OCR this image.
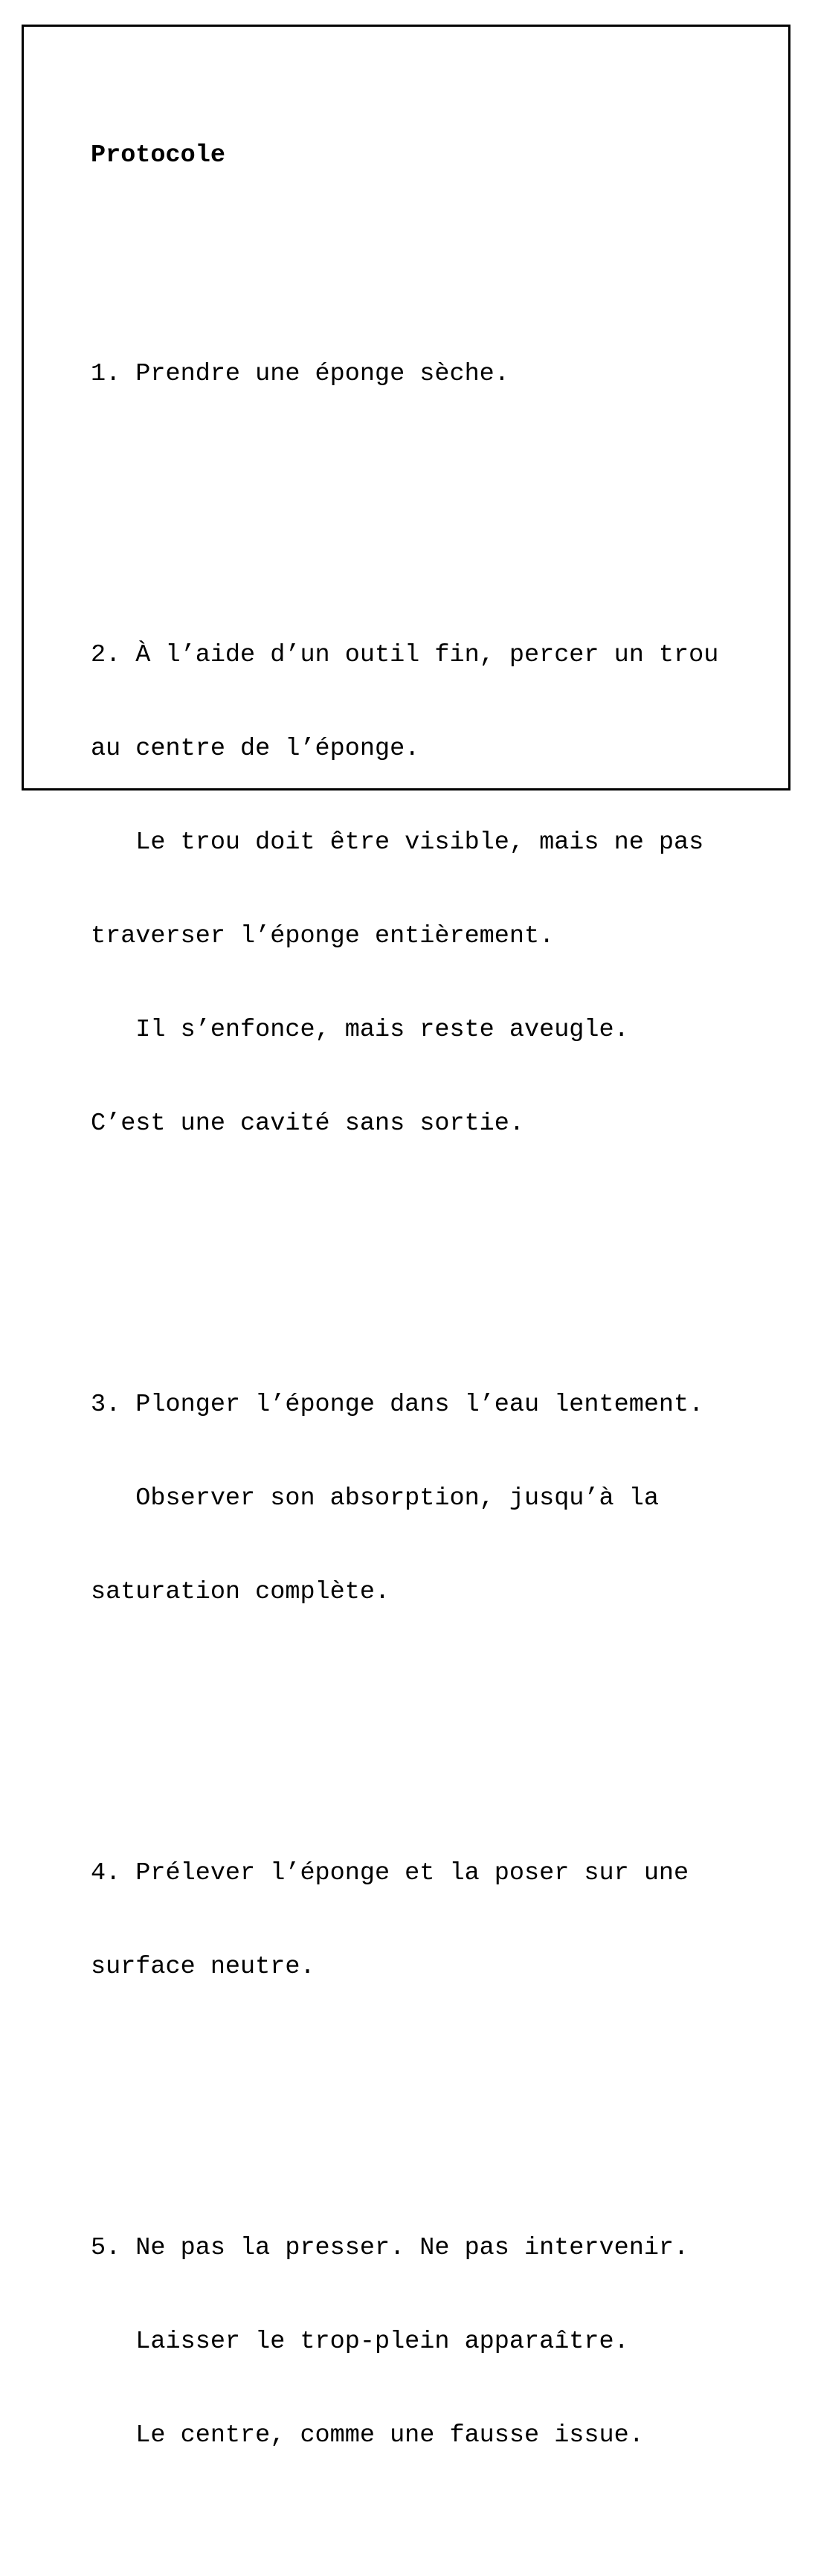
Protocole

1. Prendre une éponge sèche.

2. À l’aide d’un outil fin, percer un trou

au centre de l’éponge.

Le trou doit être visible, mais ne pas

traverser l’éponge entièrement.

Il s’enfonce, mais reste aveugle.

C’est une cavité sans sortie.

3. Plonger l’éponge dans l’eau lentement.

Observer son absorption, jusqu’à la

saturation complète.

4. Prélever l’éponge et la poser sur une

surface neutre.

5. Ne pas la presser. Ne pas intervenir.

Laisser le trop-plein apparaître.

Le centre, comme une fausse issue.
